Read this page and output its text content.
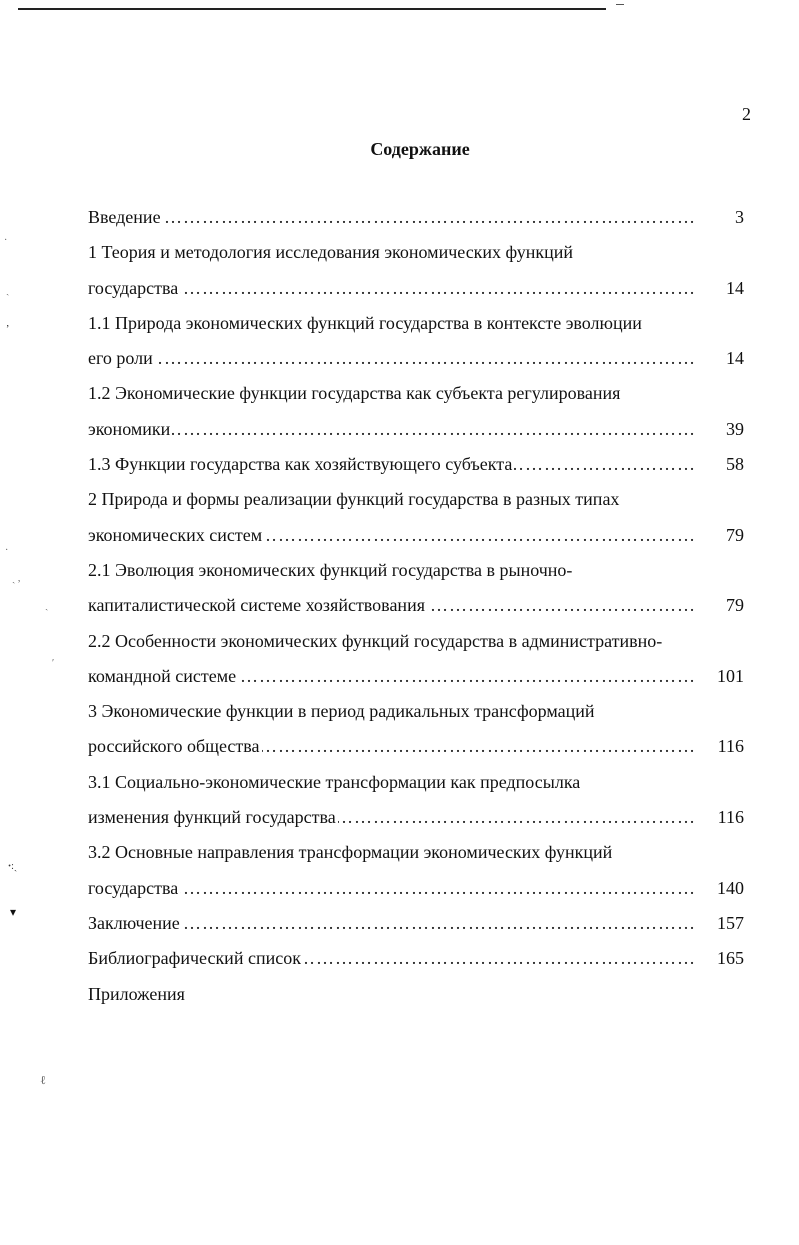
2
Содержание
……………………………………………………………………………………………………………………………………………………
Введение	3
1 Теория и методология исследования экономических функций
……………………………………………………………………………………………………………………………………………………
государства	14
1.1 Природа экономических функций государства в контексте эволюции
……………………………………………………………………………………………………………………………………………………
его роли	14
1.2 Экономические функции государства как субъекта регулирования
……………………………………………………………………………………………………………………………………………………
экономики	39
……………………………………………………………………………………………………………………………………………………
1.3 Функции государства как хозяйствующего субъекта	58
2 Природа и формы реализации функций государства в разных типах
……………………………………………………………………………………………………………………………………………………
экономических систем	79
2.1 Эволюция экономических функций государства в рыночно-
……………………………………………………………………………………………………………………………………………………
капиталистической системе хозяйствования	79
2.2 Особенности экономических функций государства в административно-
……………………………………………………………………………………………………………………………………………………
командной системе	101
3 Экономические функции в период радикальных трансформаций
……………………………………………………………………………………………………………………………………………………
российского общества	116
3.1 Социально-экономические трансформации как предпосылка
……………………………………………………………………………………………………………………………………………………
изменения функций государства	116
3.2 Основные направления трансформации экономических функций
……………………………………………………………………………………………………………………………………………………
государства	140
……………………………………………………………………………………………………………………………………………………
Заключение	157
……………………………………………………………………………………………………………………………………………………
Библиографический список	165
Приложения
·
ˎ
‚
·
ˏ ,
ˏ
ʹ
ꞏ:ˏ
▾
ℓ
